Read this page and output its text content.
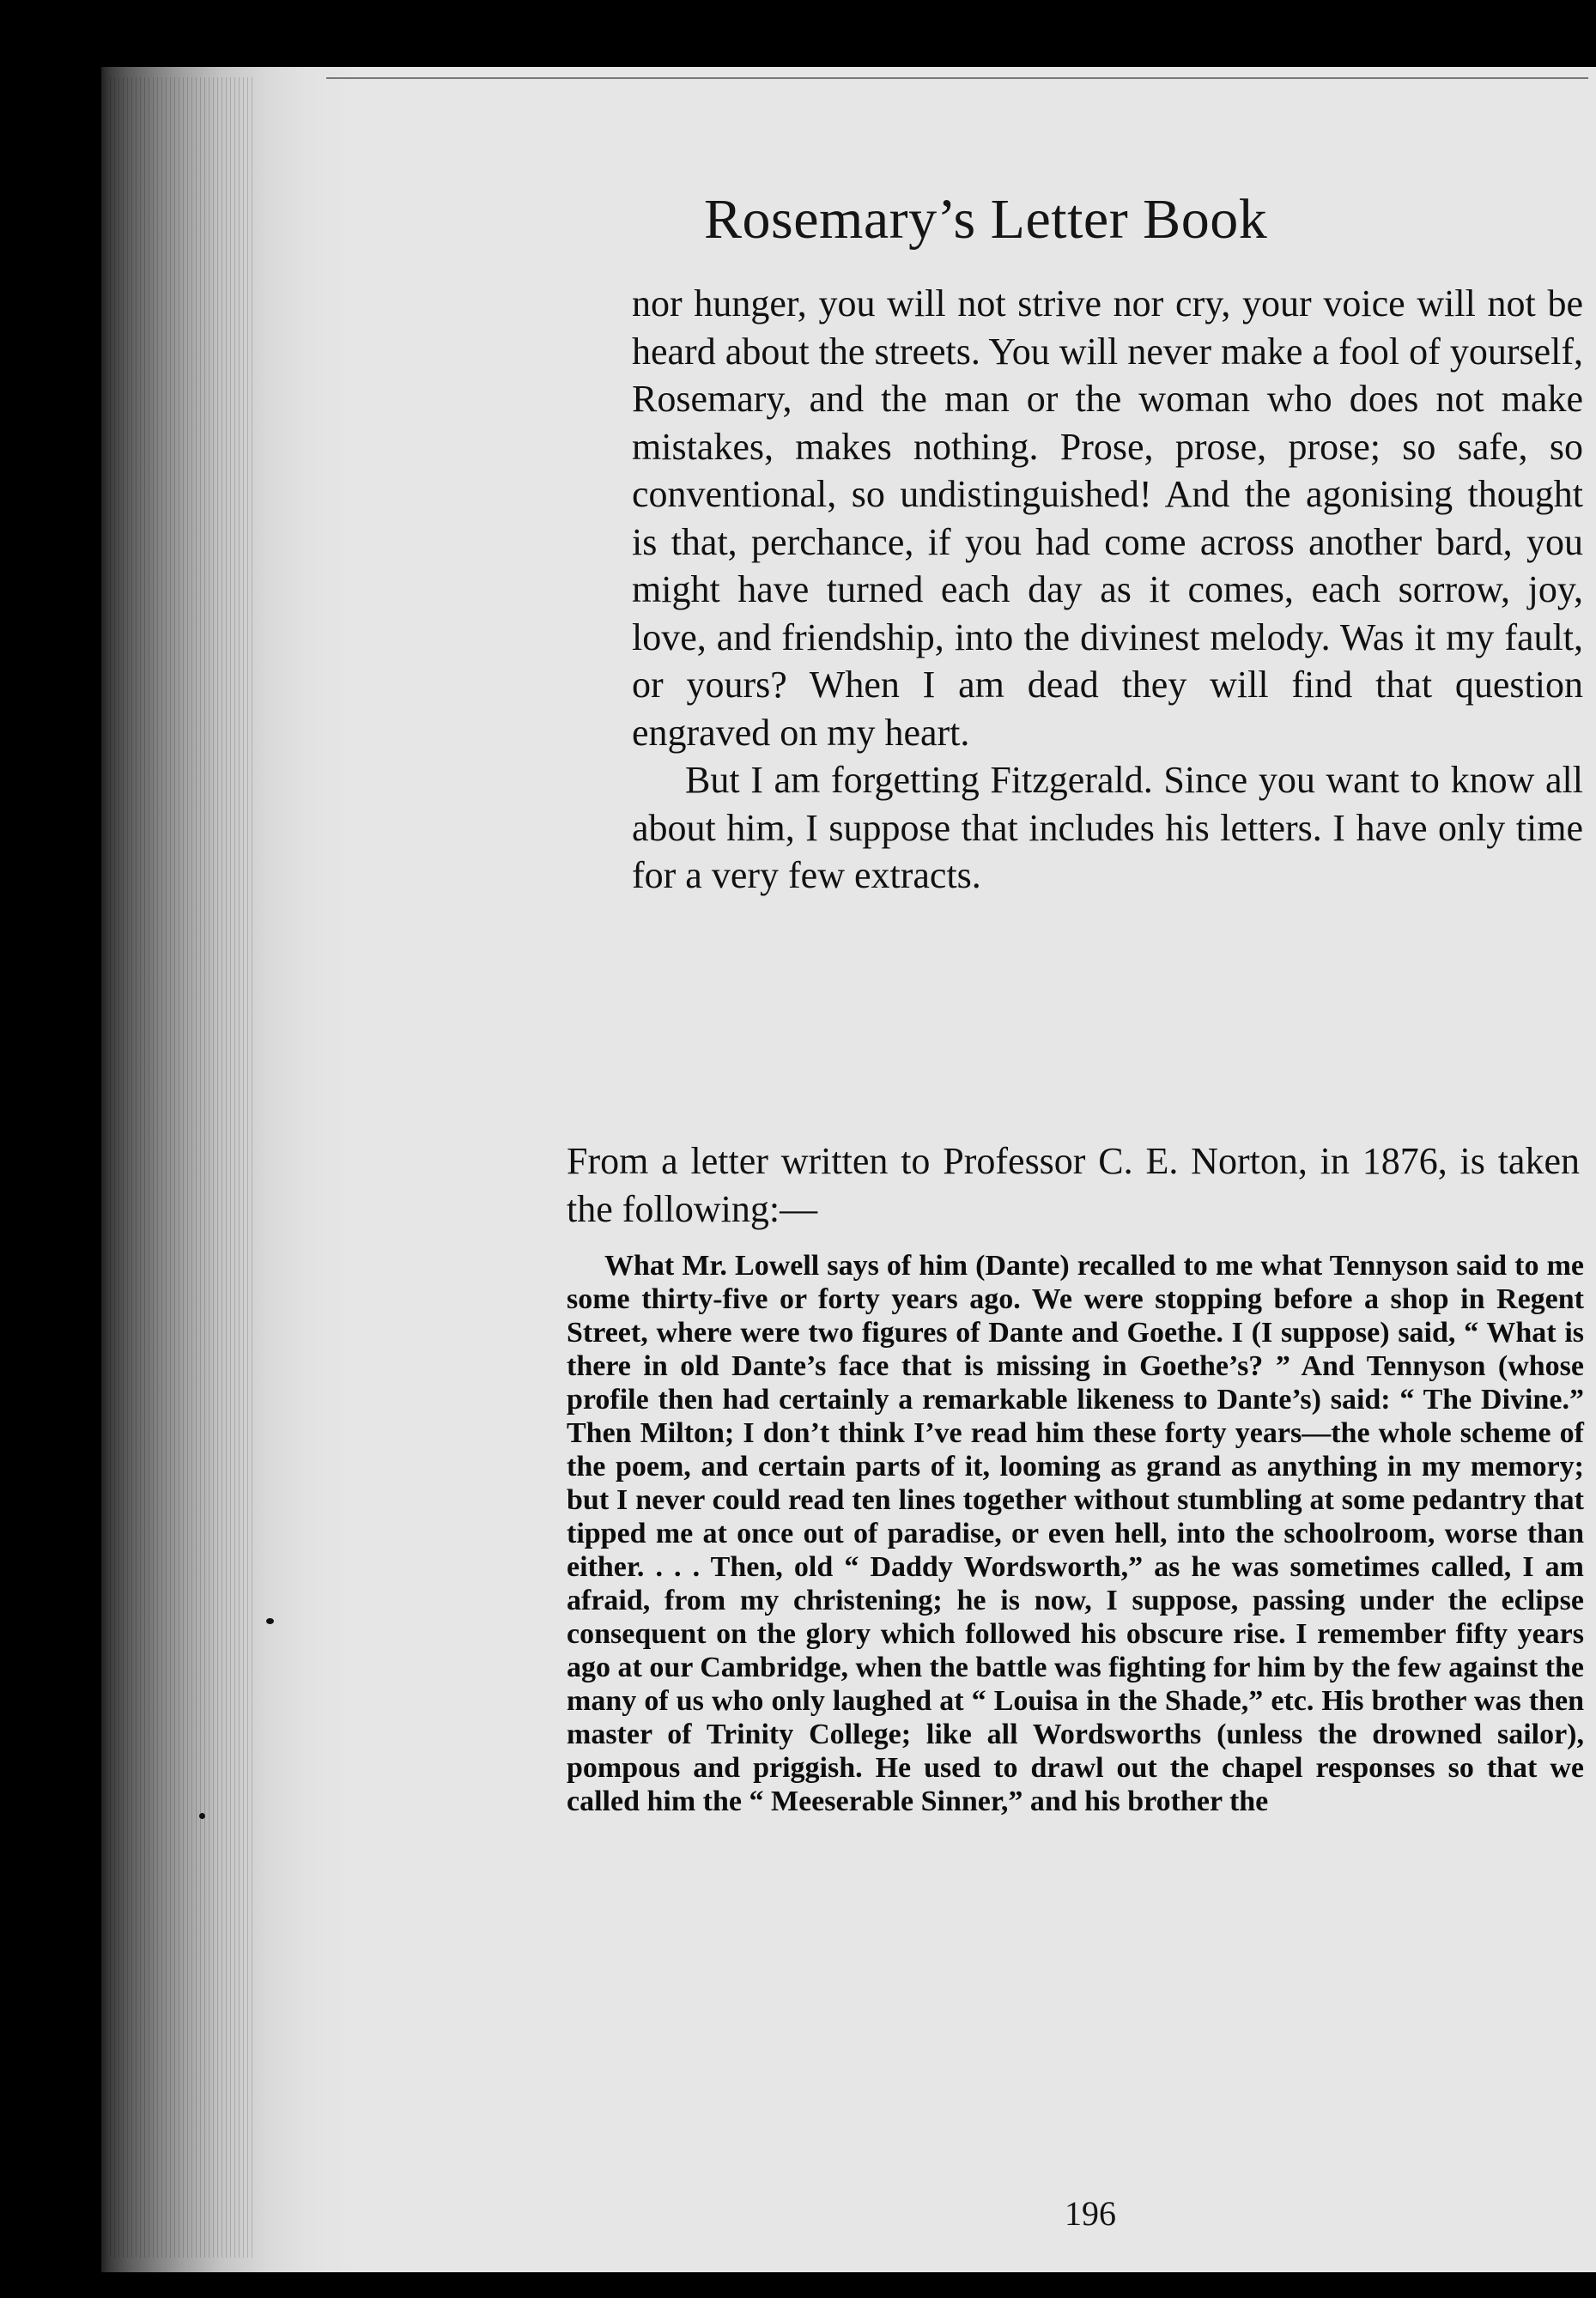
Rosemary’s Letter Book

nor hunger, you will not strive nor cry, your voice will not be heard about the streets. You will never make a fool of yourself, Rosemary, and the man or the woman who does not make mistakes, makes nothing. Prose, prose, prose; so safe, so conventional, so undistinguished! And the agonising thought is that, perchance, if you had come across another bard, you might have turned each day as it comes, each sorrow, joy, love, and friendship, into the divinest melody. Was it my fault, or yours? When I am dead they will find that question engraved on my heart.

But I am forgetting Fitzgerald. Since you want to know all about him, I suppose that includes his letters. I have only time for a very few extracts.

From a letter written to Professor C. E. Norton, in 1876, is taken the following:—

What Mr. Lowell says of him (Dante) recalled to me what Tennyson said to me some thirty-five or forty years ago. We were stopping before a shop in Regent Street, where were two figures of Dante and Goethe. I (I suppose) said, “ What is there in old Dante’s face that is missing in Goethe’s? ” And Tennyson (whose profile then had certainly a remarkable likeness to Dante’s) said: “ The Divine.” Then Milton; I don’t think I’ve read him these forty years—the whole scheme of the poem, and certain parts of it, looming as grand as anything in my memory; but I never could read ten lines together without stumbling at some pedantry that tipped me at once out of paradise, or even hell, into the schoolroom, worse than either. . . . Then, old “ Daddy Wordsworth,” as he was sometimes called, I am afraid, from my christening; he is now, I suppose, passing under the eclipse consequent on the glory which followed his obscure rise. I remember fifty years ago at our Cambridge, when the battle was fighting for him by the few against the many of us who only laughed at “ Louisa in the Shade,” etc. His brother was then master of Trinity College; like all Wordsworths (unless the drowned sailor), pompous and priggish. He used to drawl out the chapel responses so that we called him the “ Meeserable Sinner,” and his brother the

196
